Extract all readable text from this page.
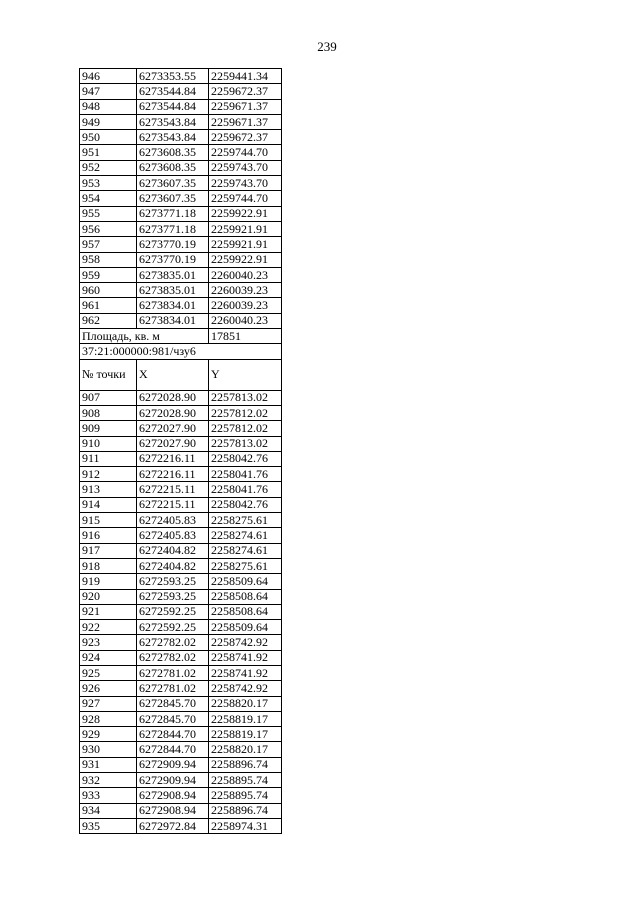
239
946	6273353.55	2259441.34
947	6273544.84	2259672.37
948	6273544.84	2259671.37
949	6273543.84	2259671.37
950	6273543.84	2259672.37
951	6273608.35	2259744.70
952	6273608.35	2259743.70
953	6273607.35	2259743.70
954	6273607.35	2259744.70
955	6273771.18	2259922.91
956	6273771.18	2259921.91
957	6273770.19	2259921.91
958	6273770.19	2259922.91
959	6273835.01	2260040.23
960	6273835.01	2260039.23
961	6273834.01	2260039.23
962	6273834.01	2260040.23
Площадь, кв. м		17851
37:21:000000:981/чзу6		
№ точки	X	Y
907	6272028.90	2257813.02
908	6272028.90	2257812.02
909	6272027.90	2257812.02
910	6272027.90	2257813.02
911	6272216.11	2258042.76
912	6272216.11	2258041.76
913	6272215.11	2258041.76
914	6272215.11	2258042.76
915	6272405.83	2258275.61
916	6272405.83	2258274.61
917	6272404.82	2258274.61
918	6272404.82	2258275.61
919	6272593.25	2258509.64
920	6272593.25	2258508.64
921	6272592.25	2258508.64
922	6272592.25	2258509.64
923	6272782.02	2258742.92
924	6272782.02	2258741.92
925	6272781.02	2258741.92
926	6272781.02	2258742.92
927	6272845.70	2258820.17
928	6272845.70	2258819.17
929	6272844.70	2258819.17
930	6272844.70	2258820.17
931	6272909.94	2258896.74
932	6272909.94	2258895.74
933	6272908.94	2258895.74
934	6272908.94	2258896.74
935	6272972.84	2258974.31
